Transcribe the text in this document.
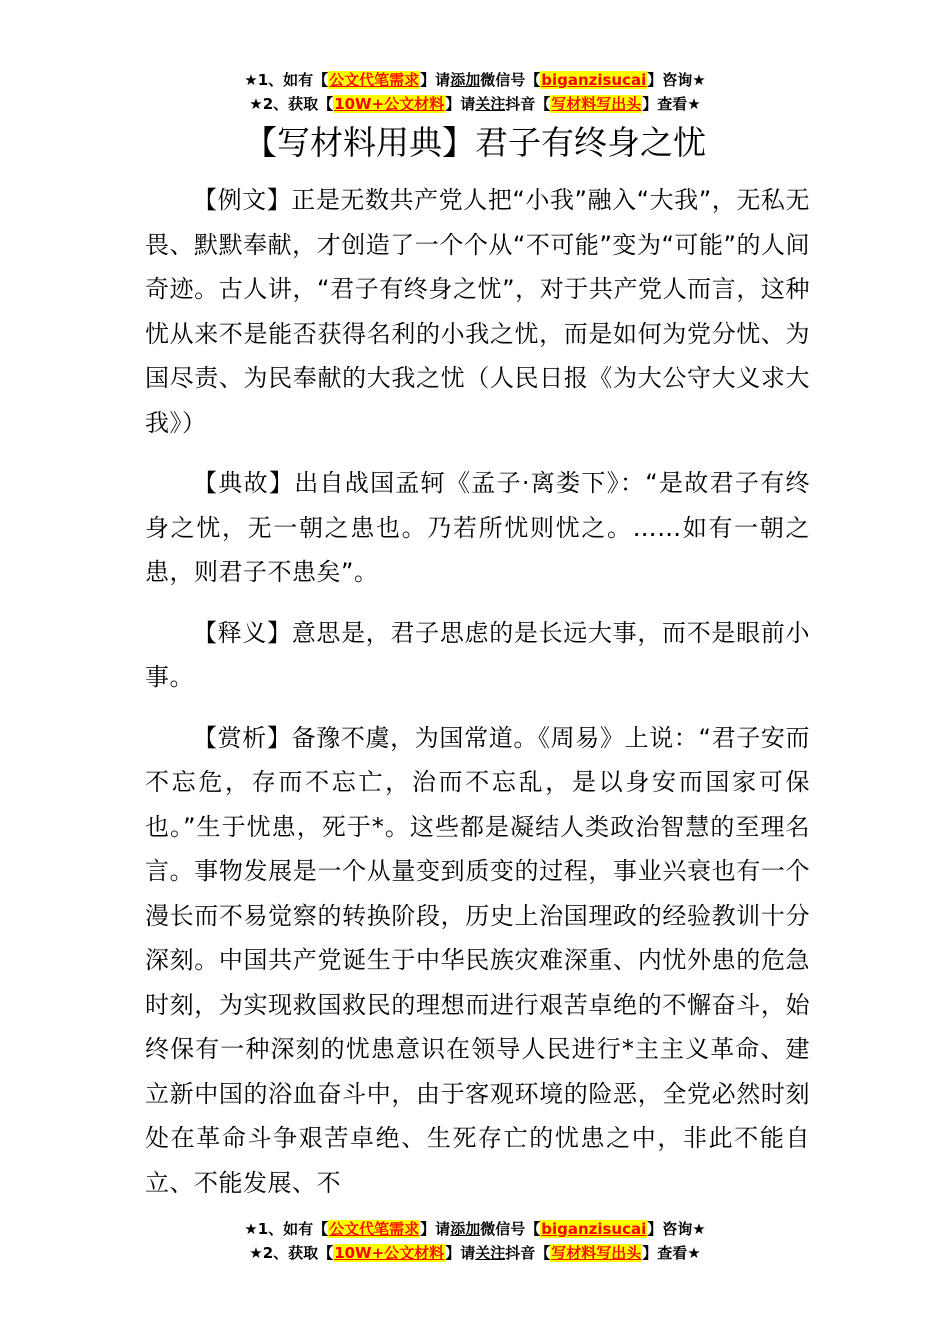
★1、如有【公文代笔需求】请添加微信号【biganzisucai】咨询★
★2、获取【10W+公文材料】请关注抖音【写材料写出头】查看★
【写材料用典】君子有终身之忧

【例文】正是无数共产党人把“小我”融入“大我”，无私无畏、默默奉献，才创造了一个个从“不可能”变为“可能”的人间奇迹。古人讲，“君子有终身之忧”，对于共产党人而言，这种忧从来不是能否获得名利的小我之忧，而是如何为党分忧、为国尽责、为民奉献的大我之忧（人民日报《为大公守大义求大我》）

【典故】出自战国孟轲《孟子·离娄下》：“是故君子有终身之忧，无一朝之患也。乃若所忧则忧之。……如有一朝之患，则君子不患矣”。

【释义】意思是，君子思虑的是长远大事，而不是眼前小事。

【赏析】备豫不虞，为国常道。《周易》上说：“君子安而不忘危，存而不忘亡，治而不忘乱，是以身安而国家可保也。”生于忧患，死于*。这些都是凝结人类政治智慧的至理名言。事物发展是一个从量变到质变的过程，事业兴衰也有一个漫长而不易觉察的转换阶段，历史上治国理政的经验教训十分深刻。中国共产党诞生于中华民族灾难深重、内忧外患的危急时刻，为实现救国救民的理想而进行艰苦卓绝的不懈奋斗，始终保有一种深刻的忧患意识在领导人民进行*主主义革命、建立新中国的浴血奋斗中，由于客观环境的险恶，全党必然时刻处在革命斗争艰苦卓绝、生死存亡的忧患之中，非此不能自立、不能发展、不

★1、如有【公文代笔需求】请添加微信号【biganzisucai】咨询★
★2、获取【10W+公文材料】请关注抖音【写材料写出头】查看★
